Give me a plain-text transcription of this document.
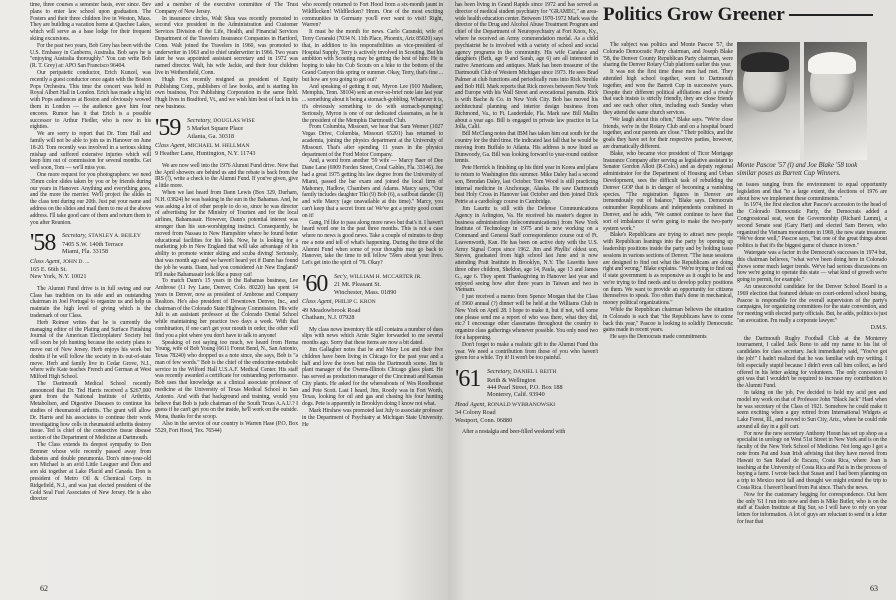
time, three courses a semester basis, ever since. Bev plans to enter law school upon graduation. The Fosters and their three children live in Weston, Mass. They are building a vacation home at Quechee Lakes, which will serve as a base lodge for their frequent skiing excursions.

For the past two years, Bob Grey has been with the U.S. Embassy in Canberra, Australia. Bob says he is "enjoying Australia thoroughly." You can write Bob (R. T. Grey) at: APO San Francisco 96404.

Our peripatetic conductor, Erich Kunzel, was recently a guest conductor once again with the Boston Pops Orchestra. This time the concert was held in Royal Albert Hall in London. Erich has made a big hit with Pops audiences at Boston and obviously wowed them in London — the audience gave him four encores. Rumor has it that Erich is a possible successor to Arthur Fiedler, who is now in his eighties.

We are sorry to report that Dr. Tom Hall and family will not be able to join us in Hanover on June 18-20. Tom recently was involved in a serious skiing mishap and suffered extensive injuries which will keep him out of commission for several months. Get well soon, Tom — we'll miss you.

One more request for you photographers: we need 35mm color slides taken by you or by friends during our years in Hanover. Anything and everything goes, and the more the merrier. We'll project the slides in the class tent during our 20th. Just put your name and address on the slides and mail them to me at the above address. I'll take good care of them and return them to you after Reunion.

'58	Secretary, STANLEY A. BEILEY
7405 S.W. 140th Terrace
Miami, Fla. 33158
Class Agent, JOHN D. ...
165 E. 66th St.
New York, N.Y. 10021

The Alumni Fund drive is in full swing and our Class has tradition on its side and an outstanding chairman in Joel Portugal to organize us and help us maintain the high level of giving which is the trademark of our Class.

Herb Reimer writes that he is currently the managing editor of the Plating and Surface Finishing Journal of the American Electroplaters' Society but will soon be job hunting because the society plans to move out of New Jersey. Herb enjoys his work but doubts if he will follow the society in its out-of-state move. Herb and family live in Cedar Grove, N.J., where wife Kate teaches French and German at West Milford High School.

The Dartmouth Medical School recently announced that Dr. Ted Harris received a $267,000 grant from the National Institute of Arthritis, Metabolism, and Digestive Diseases to continue his studies of rheumatoid arthritis. The grant will allow Dr. Harris and his associates to continue their work investigating how cells in rheumatoid arthritis destroy tissue. Ted is chief of the connective tissue disease section of the Department of Medicine at Dartmouth.

The Class extends its deepest sympathy to Don Brenner whose wife recently passed away from diabetes and double pneumonia. Don's nine-year-old son Michael is an avid Little Leaguer and Don and son ski together at Lake Placid and Canada. Don is president of Metro Oil & Chemical Corp. in Ridgefield, N.J., and was just elected president of the Gold Seal Fuel Associates of New Jersey. He is also director

and a member of the executive committee of The Trust Company of New Jersey.

In insurance circles, Walt Shea was recently promoted to second vice president in the Administration and Customer Services Division of the Life, Health, and Financial Services Department of the Travelers Insurance Companies in Hartford, Conn. Walt joined the Travelers in 1960, was promoted to underwriter in 1963 and to chief underwriter in 1966. Two years later he was appointed assistant secretary and in 1972 was named director. Walt, his wife Jackie, and their four children live in Wethersfield, Conn.

Hugh Fox recently resigned as president of Equity Publishing Corp., publishers of law books, and is starting his own business, Fox Publishing Corporation in the same field. Hugh lives in Bradford, Vt., and we wish him best of luck in his new business.

'59	Secretary, DOUGLAS WISE
5 Market Square Place
Atlanta, Ga. 30318
Class Agent, MICHAEL M. HELLMAN
9 Heather Lane, Huntington, N.Y. 11743

We are now well into the 1976 Alumni Fund drive. Now that the April showers are behind us and the rebate is back from the IRS (!), write a check to the Alumni Fund. If you've given, give a little more.

When we last heard from Dann Lewis (Box 329, Durham, N.H. 03824) he was basking in the sun in the Bahamas. And, he was asking a lot of other people to do so, since he was director of advertising for the Ministry of Tourism and for the local airlines, Bahamasair. However, Dann's potential interest was stronger than his sun-worshipping instinct. Consequently, he moved from Nassau to New Hampshire where he found better educational facilities for his kids. Now, he is looking for a marketing job in New England that will take advantage of his ability to promote winter skiing and scuba diving! Seriously, that was month ago and we haven't heard yet if Dann has found the job he wants. Dann, had you considered Air New England? It'll make Bahamasair look like a pussy cat!

To match Dann's 15 years in the Bahamas business, Lee Ambrose (11 Ivy Lane, Denver, Colo. 80220) has spent 14 years in Denver, now as president of Ambrose and Company Realtors. He's also president of Downtown Denver, Inc., and chairman of the Colorado State Highway Commission. His wife Juli is an assistant professor at the Colorado Dental School while maintaining her practice two days a week. With that combination, if one can't get your mouth in order, the other will find you a plot where you don't have to talk to anyone!

Speaking of not saying too much, we heard from Hema Young, wife of Bob Young (6611 Forest Bend, N., San Antonio, Texas 78240) who dropped us a note since, she says, Bob is "a man of few words." Bob is the chief of the endocrine-metabolic service in the Wilford Hall U.S.A.F. Medical Center. His staff was recently awarded a certificate for outstanding performance. Bob uses that knowledge as a clinical associate professor of medicine at the University of Texas Medical School in San Antonio. And with that background and training, would you believe that Bob is judo chairman of the South Texas A.A.U.? I guess if he can't get you on the inside, he'll work on the outside. Mona, thanks for the scoop.

Also in the service of our country is Warren Hase (P.O. Box 5529, Fort Hood, Tex. 76544)

who recently returned to Fort Hood from a six-month jaunt in Wildflecken! Wildflecken? Hmm. One of the most exciting communities in Germany you'll ever want to visit! Right, Warren?

It must be the month for news. Carlo Caranski, wife of Terry Ceranski (7034 N. 11th Place, Phoenix, Ariz 85020) says that, in addition to his responsibilities as vice-president of Hospital Supply, Terry is actively involved in Scouting. But his ambition with Scouting may be getting the best of him: He is hoping to take his Cub Scouts on a hike to the bottom of the Grand Canyon this spring or summer. Okay, Terry, that's fine ... but how are you going to get out?

And speaking of getting it out, Myron Lee (910 Madison, Memphis, Tenn. 38104) sent an ever-so-brief note late last year ... something about it being a stomach-gobbling. Whatever it is, it's obviously something to do with stomach-pumping! Seriously, Myron is one of our dedicated classmates, as he is the president of the Memphis Dartmouth Club.

From Columbia, Missouri, we hear that Sam Werner (1027 Vegas Drive, Columbia, Missouri 65201) has returned to academia, joining the physics department at the University of Missouri. That's after spending 11 years in the physics department of the Ford Motor Company.

And, a word from another '59 wife — Marcy Baer of Dee Dane Lane (6909 Forden Street, Coral Gables, Fla. 33146). Joe had a great 1975 getting his law degree from the University of Miami, passed the bar exam and joined the local firm of Mahoney, Hadlow, Chambers and Adams. Marcy says, "Our family includes daughter Tiki (9) Bob (6), a sailboat dander (3) and wife Marcy (age unavailable at this time)." Marcy, you can't keep that a secret from us! We've got a pretty good count on it!

Gang, I'd like to pass along more news but that's it. I haven't heard word one in the past three months. This is not a case where no news is good news. Take a couple of minutes to drop me a note and tell of what's happening. During the time of the Alumni Fund when some of your thoughts may go back to Hanover, take the time to tell fellow '59ers about your lives. Let's get into the spirit of '76. Okay?

'60	Sec'y, WILLIAM H. MCCARTER JR.
21 Mt. Pleasant St.
Winchester, Mass. 01890
Class Agent, PHILIP C. KRON
49 Meadowbrook Road
Chatham, N.J. 07928

My class news inventory file still contains a number of dues slips with news which Arnie Sigler forwarded to me several months ago. Sorry that these items are now a bit dated.

Jim Gallagher notes that he and Mary Lou and their five children have been living in Chicago for the past year and a half and love the town but miss the Dartmouth scene. Jim is plant manager of the Owens-Illinois Chicago glass plant. He has served as production manager of the Cincinnati and Kansas City plants. He asked for the whereabouts of Wes Roodhouse and Pete Scott. Last I heard, Jim, Roody was in Fort Worth, Texas, looking for oil and gas and chasing his four hunting dogs. Pete is apparently in Brooklyn doing I know not what.

Mark Hirshaw was promoted last July to associate professor in the Department of Psychiatry at Michigan State University. He

62	63

has been living in Grand Rapids since 1972 and has served as director of medical student psychiatry for "GRAMEC," an area-wide health education center. Between 1970-1972 Mark was the director of the Drug and Alcohol Abuse Treatment Program and chief of the Department of Neuropsychiatry at Fort Knox, Ky., where he received an Army commendation medal. As a child psychiatrist he is involved with a variety of school and social agency programs in the community. His wife Candace and daughters (Beth, age 9 and Sarah, age 6) are all interested in native Americans and antiques. Mark has been treasurer of the Dartmouth Club of Western Michigan since 1973. He sees Brad Palmer at club functions and periodically runs into Rick Strehle and Bob Hill. Mark reports that Rick moves between New York and Europe with his Wall Street and avocational pursuits. Rick is with Bache & Co. in New York City. Bob has moved his architectural planning and interior design business from Richmond, Va., to Ft. Lauderdale, Fla. Mark saw Bill Mallin about a year ago. Bill is engaged in private law practice in La Jolla, Calif.

Bill McClung notes that IBM has taken him out south for the country for the third time. He indicated last fall that he would be moving from Buffalo to Atlanta. His address is now listed as Dunwoody, Ga. Bill was looking forward to year-round outdoor tennis.

Pete Herrick is finishing up his third year in Korea and plans to return to Washington this summer. Mike Daley had a second son, Brendan Daley, last October. Tom Wood is still practicing internal medicine in Anchorage, Alaska. He saw Dartmouth beat Holy Cross in Hanover last October and then joined Dick Petrie at a cardiology course in Cambridge.

Jim Lauritz is still with the Defense Communications Agency in Arlington, Va. He received his master's degree in business administration (telecommunications) from New York Institute of Technology in 1975 and is now working on a Command and General Staff correspondence course out of Ft. Leavenworth, Kan. He has been on active duty with the U.S. Army Signal Corps since 1962. Jim and Phyllis' oldest son, Steven, graduated from high school last June and is now attending Pratt Institute in Brooklyn, N.Y. The Leavitts have three other children, Sheldon, age 14, Paula, age 13 and James G., age 6. They spent Thanksgiving in Hanover last year and enjoyed seeing how after three years in Taiwan and two in Vietnam.

I just received a memo from Spence Morgan that the Class of 1960 annual (?) dinner will be held at the Williams Club in New York on April 28. I hope to make it, but if not, will some one please send me a report of who was there, what they did, etc.? I encourage other classmates throughout the country to organize class gatherings whenever possible. You only need two for a happening.

Don't forget to make a realistic gift to the Alumni Fund this year. We need a contribution from those of you who haven't given for a while. Try it! It won't be too painful.

'61	Secretary, DANIEL I. REITH
Reith & Wellington
444 Pearl Street, P.O. Box 188
Monterey, Calif. 93940
Head Agent, RONALD WYBRANOWSKI
34 Colony Road
Westport, Conn. 06880

After a nostalgia and beer-filled weekend with

Politics Grow Greener

The subject was politics and Monte Pascoe '57, the Colorado Democratic Party chairman, and Joseph Blake '58, the Denver County Republican Party chairman, were sharing the Denver Rotary Club platform earlier this year.

It was not the first time these men had met. They attended high school together, went to Dartmouth together, and won the Barrett Cup in successive years. Despite their different political affiliations and a rivalry that each insists is strictly friendly, they are close friends and see each other often, including each Sunday when they attend the same church services.

"We laugh about this often," Blake says. "We're close friends, we're in the Rotary Club and on a hospital board together, and our parents are close." Their politics, and the goals they have set for their respective parties, however, are dramatically different.

Blake, who became vice president of Ticor Mortgage Insurance Company after serving as legislative assistant to Senator Gordon Allott (R-Colo.) and as deputy regional administrator for the Department of Housing and Urban Development, sees the difficult task of rebuilding the Denver GOP that is in danger of becoming a vanishing species. "The registration figures in Denver are tremendously out of balance," Blake says. Democrats outnumber Republicans and independents combined in Denver, and he adds, "We cannot continue to have that sort of imbalance if we're going to make the two-party system work."

Blake's Republicans are trying to attract new people with Republican leanings into the party by opening up leadership positions inside the party and by holding issue sessions in various sections of Denver. "The issue sessions are designed to find out what the Republicans are doing right and wrong," Blake explains. "We're trying to find out if state government is as responsive as it ought to be and we're trying to find needs and to develop policy positions on them. We want to provide an opportunity for citizens themselves to speak. Too often that's done in mechanical, money political organizations."

While the Republican chairman believes the situation in Colorado is such that "the Republicans have to come back this year," Pascoe is looking to solidify Democratic gains made in recent years.

He says the Democrats made commitments

Monte Pascoe '57 (l) and Joe Blake '58 took similar poses as Barrett Cup Winners.

on issues ranging from the environment to equal opportunity legislation and that "to a large extent, the elections of 1976 are about how we implement these commitments."

In 1974, the first election after Pascoe's accession to the head of the Colorado Democratic Party, the Democrats added a Congressional seat, won the Governorship (Richard Lamm), a second Senate seat (Gary Hart) and elected Sam Brown, who organized the Vietnam moratorium in 1969, the new state treasurer. "We've done well," Pascoe says, "but one of the great things about politics is that it's the biggest game of chance in town."

Watergate was a factor in the Democrat's successes in 1974 but, this chairman believes, "what we've been doing here in Colorado shows some much larger trends. We've had serious discussions on how we're going to operate this state — what kind of growth we're going to permit, for example."

An unsuccessful candidate for the Denver School Board in a 1969 election that featured debate on court-ordered school busing, Pascoe is responsible for the overall supervision of the party's campaigns, for organizing committees for the state convention, and for meeting with elected party officials. But, he adds, politics is just "an avocation. I'm really a corporate lawyer."

D.M.S.

the Dartmouth Rugby Football Club at the Monterey tournament, I called Jack Reno to add my name to his list of candidates for class secretary. Jack immediately said, "You've got the job!" I hadn't realized that he was familiar with my writing. I felt especially stupid because I didn't even call him collect, as he'd offered in his letter asking for volunteers. The only concession I got was that I wouldn't be required to increase my contribution to the Alumni Fund.

In taking on the job, I've decided to hold my acid pen and model my work on that of Professor John "Black Jack" Hard when he was secretary of the Class of 1921. Somehow he could make it seem exciting when a guy retired from International Widgets at Lake Forest, Ill., and moved to Sun City, Ariz., where he could ride around all day in a golf cart.

For now the new secretary Anthony Horan has set up shop as a specialist in urology on West 51st Street in New York and is on the faculty of the New York School of Medicine. Not long ago I got a note from Pat and Joan Irish advising that they have moved from Hawaii to San Rafael de Escazu, Costa Rica, where Joan is teaching at the University of Costa Rica and Pat is in the process of buying a farm. I wrote back that Susan and I had been planning on a trip to Mexico next fall and thought we might extend the trip to Costa Rica. I haven't heard from Pat since. That's the news.

Now for the customary begging for correspondence. Out here the only '61 I run into now and then is Mike Butler, who is on the staff at Esalen Institute at Big Sur, so I will have to rely on your letters for information. A lot of guys are reluctant to send in a letter for fear that
